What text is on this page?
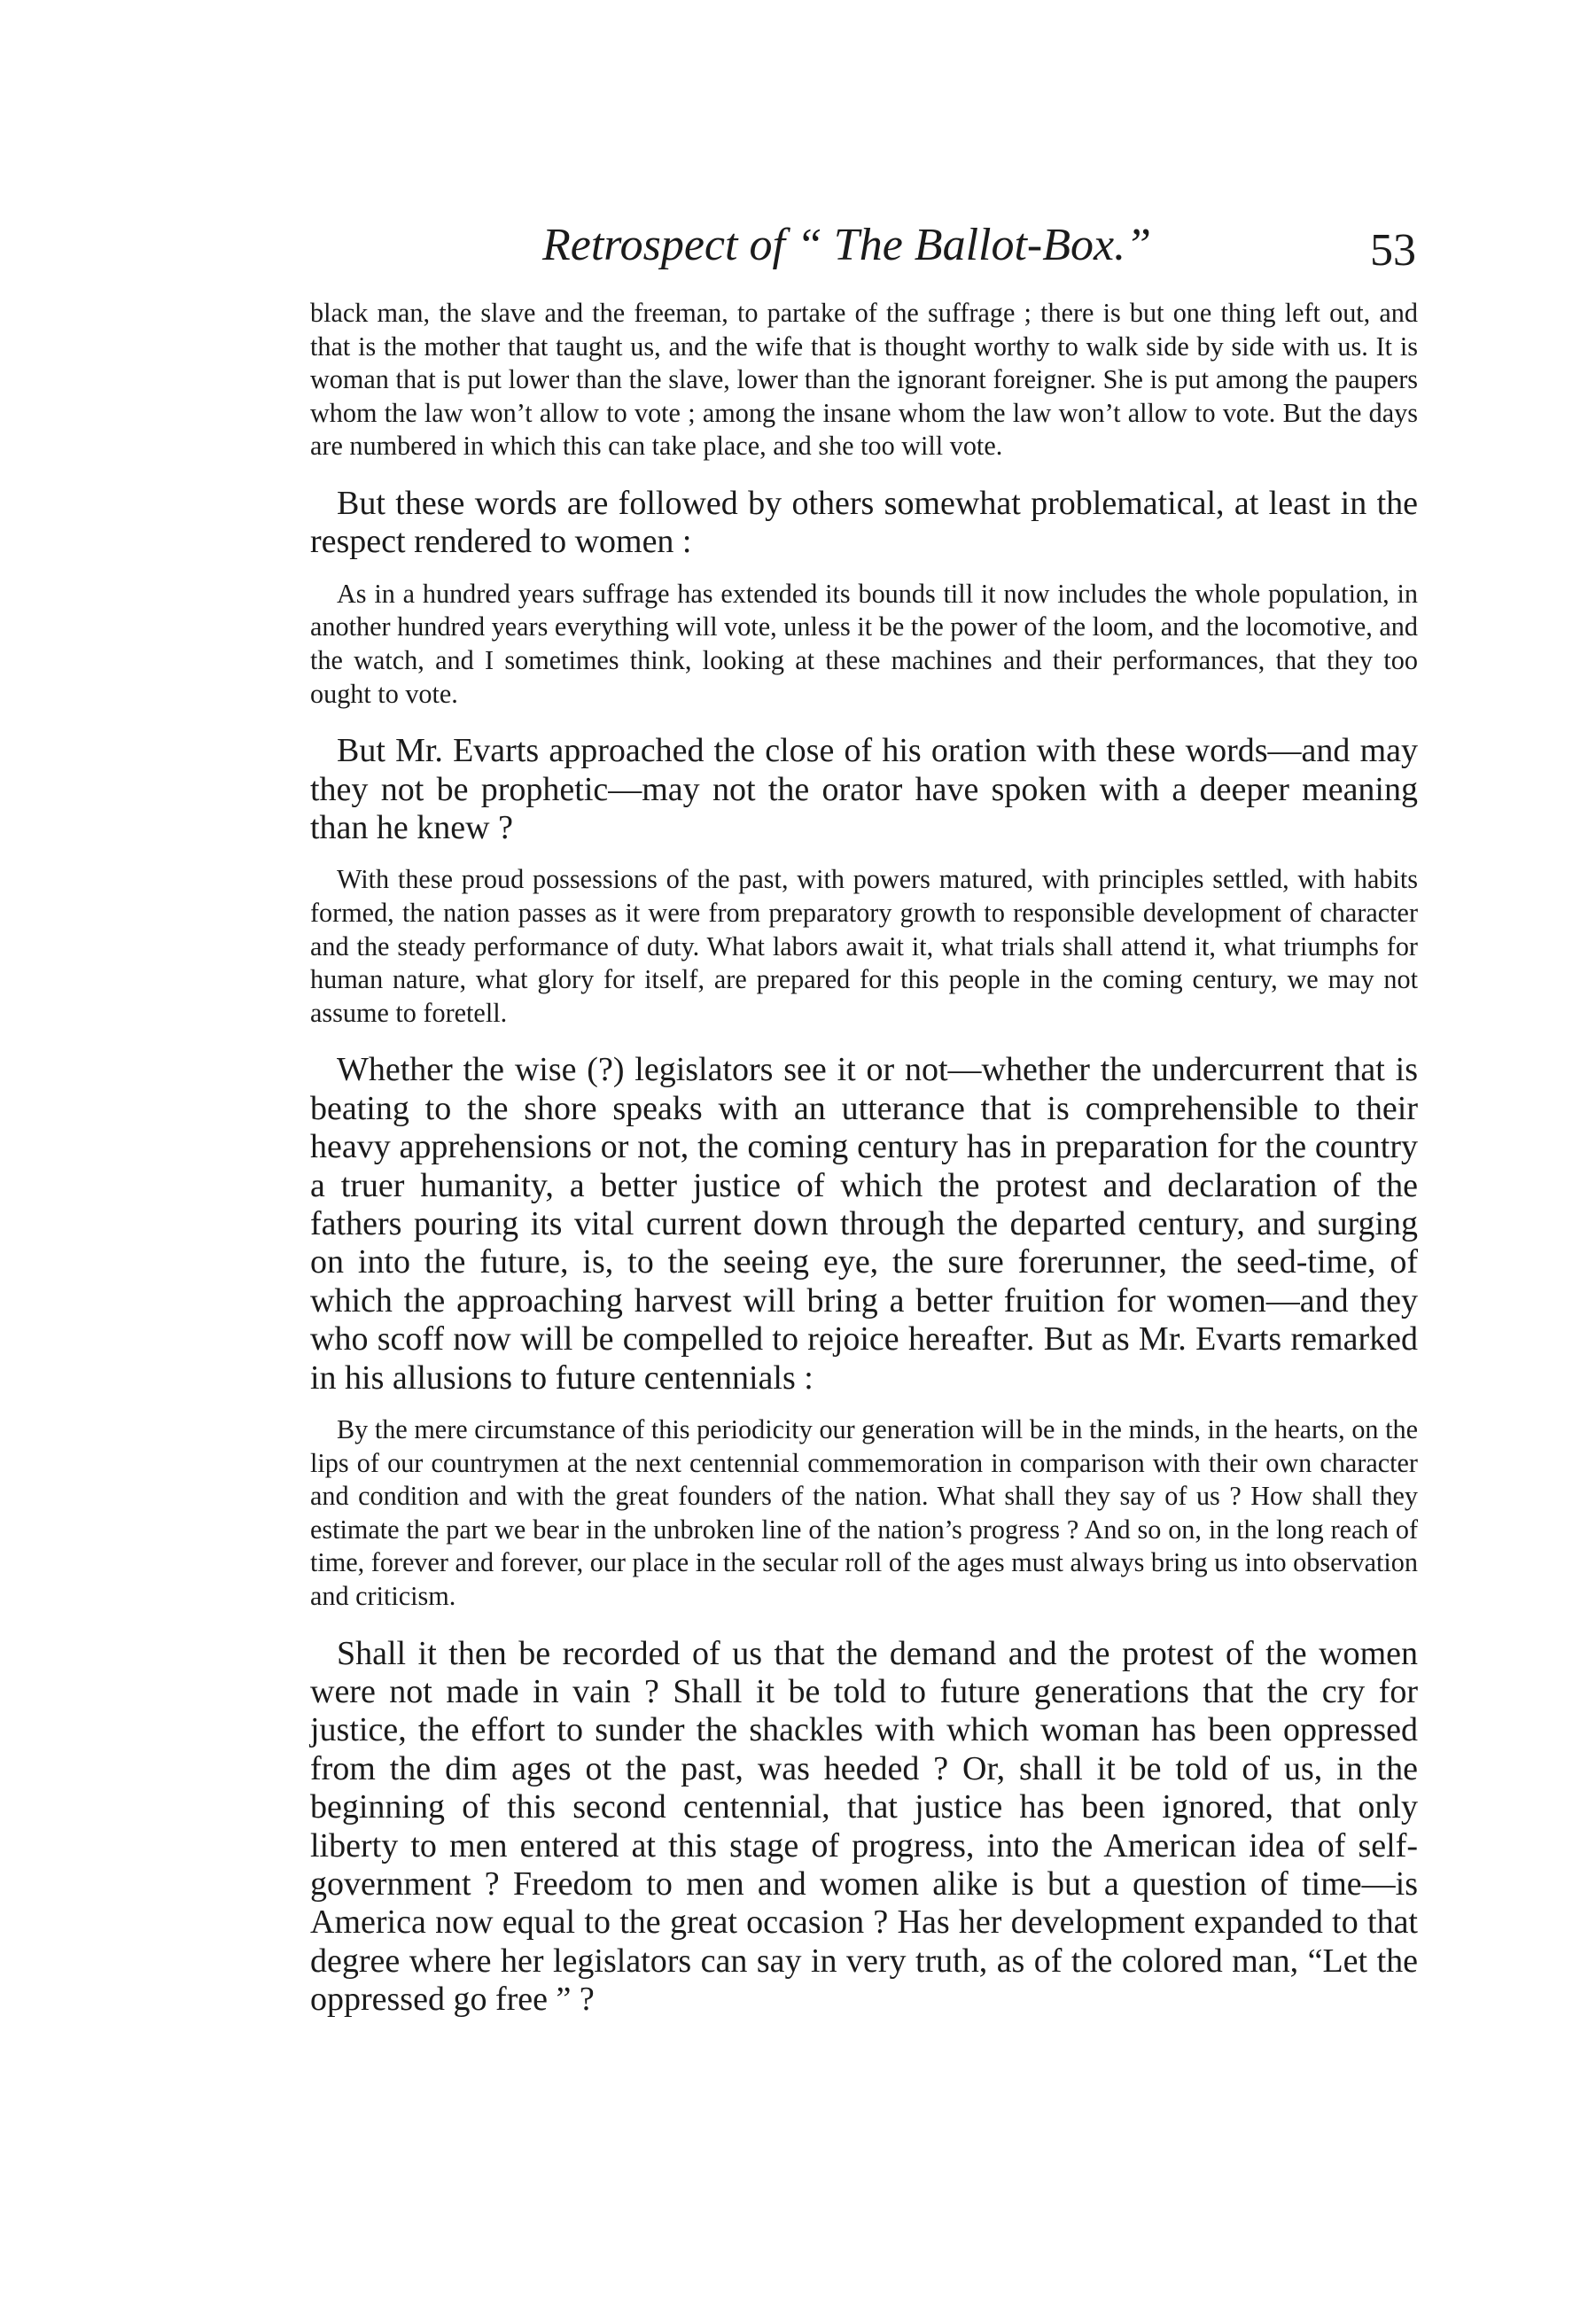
Retrospect of “ The Ballot-Box.”	53

black man, the slave and the freeman, to partake of the suffrage ; there is but one thing left out, and that is the mother that taught us, and the wife that is thought worthy to walk side by side with us. It is woman that is put lower than the slave, lower than the ignorant foreigner. She is put among the paupers whom the law won’t allow to vote ; among the insane whom the law won’t allow to vote. But the days are numbered in which this can take place, and she too will vote.

But these words are followed by others somewhat problematical, at least in the respect rendered to women :

As in a hundred years suffrage has extended its bounds till it now includes the whole population, in another hundred years everything will vote, unless it be the power of the loom, and the locomotive, and the watch, and I sometimes think, looking at these machines and their performances, that they too ought to vote.

But Mr. Evarts approached the close of his oration with these words—and may they not be prophetic—may not the orator have spoken with a deeper meaning than he knew ?

With these proud possessions of the past, with powers matured, with principles settled, with habits formed, the nation passes as it were from preparatory growth to responsible development of character and the steady performance of duty. What labors await it, what trials shall attend it, what triumphs for human nature, what glory for itself, are prepared for this people in the coming century, we may not assume to foretell.

Whether the wise (?) legislators see it or not—whether the undercurrent that is beating to the shore speaks with an utterance that is comprehensible to their heavy apprehensions or not, the coming century has in preparation for the country a truer humanity, a better justice of which the protest and declaration of the fathers pouring its vital current down through the departed century, and surging on into the future, is, to the seeing eye, the sure forerunner, the seed-time, of which the approaching harvest will bring a better fruition for women—and they who scoff now will be compelled to rejoice hereafter. But as Mr. Evarts remarked in his allusions to future centennials :

By the mere circumstance of this periodicity our generation will be in the minds, in the hearts, on the lips of our countrymen at the next centennial commemoration in comparison with their own character and condition and with the great founders of the nation. What shall they say of us ? How shall they estimate the part we bear in the unbroken line of the nation’s progress ? And so on, in the long reach of time, forever and forever, our place in the secular roll of the ages must always bring us into observation and criticism.

Shall it then be recorded of us that the demand and the protest of the women were not made in vain ? Shall it be told to future generations that the cry for justice, the effort to sunder the shackles with which woman has been oppressed from the dim ages ot the past, was heeded ? Or, shall it be told of us, in the beginning of this second centennial, that justice has been ignored, that only liberty to men entered at this stage of progress, into the American idea of self-government ? Freedom to men and women alike is but a question of time—is America now equal to the great occasion ? Has her development expanded to that degree where her legislators can say in very truth, as of the colored man, “Let the oppressed go free ” ?
